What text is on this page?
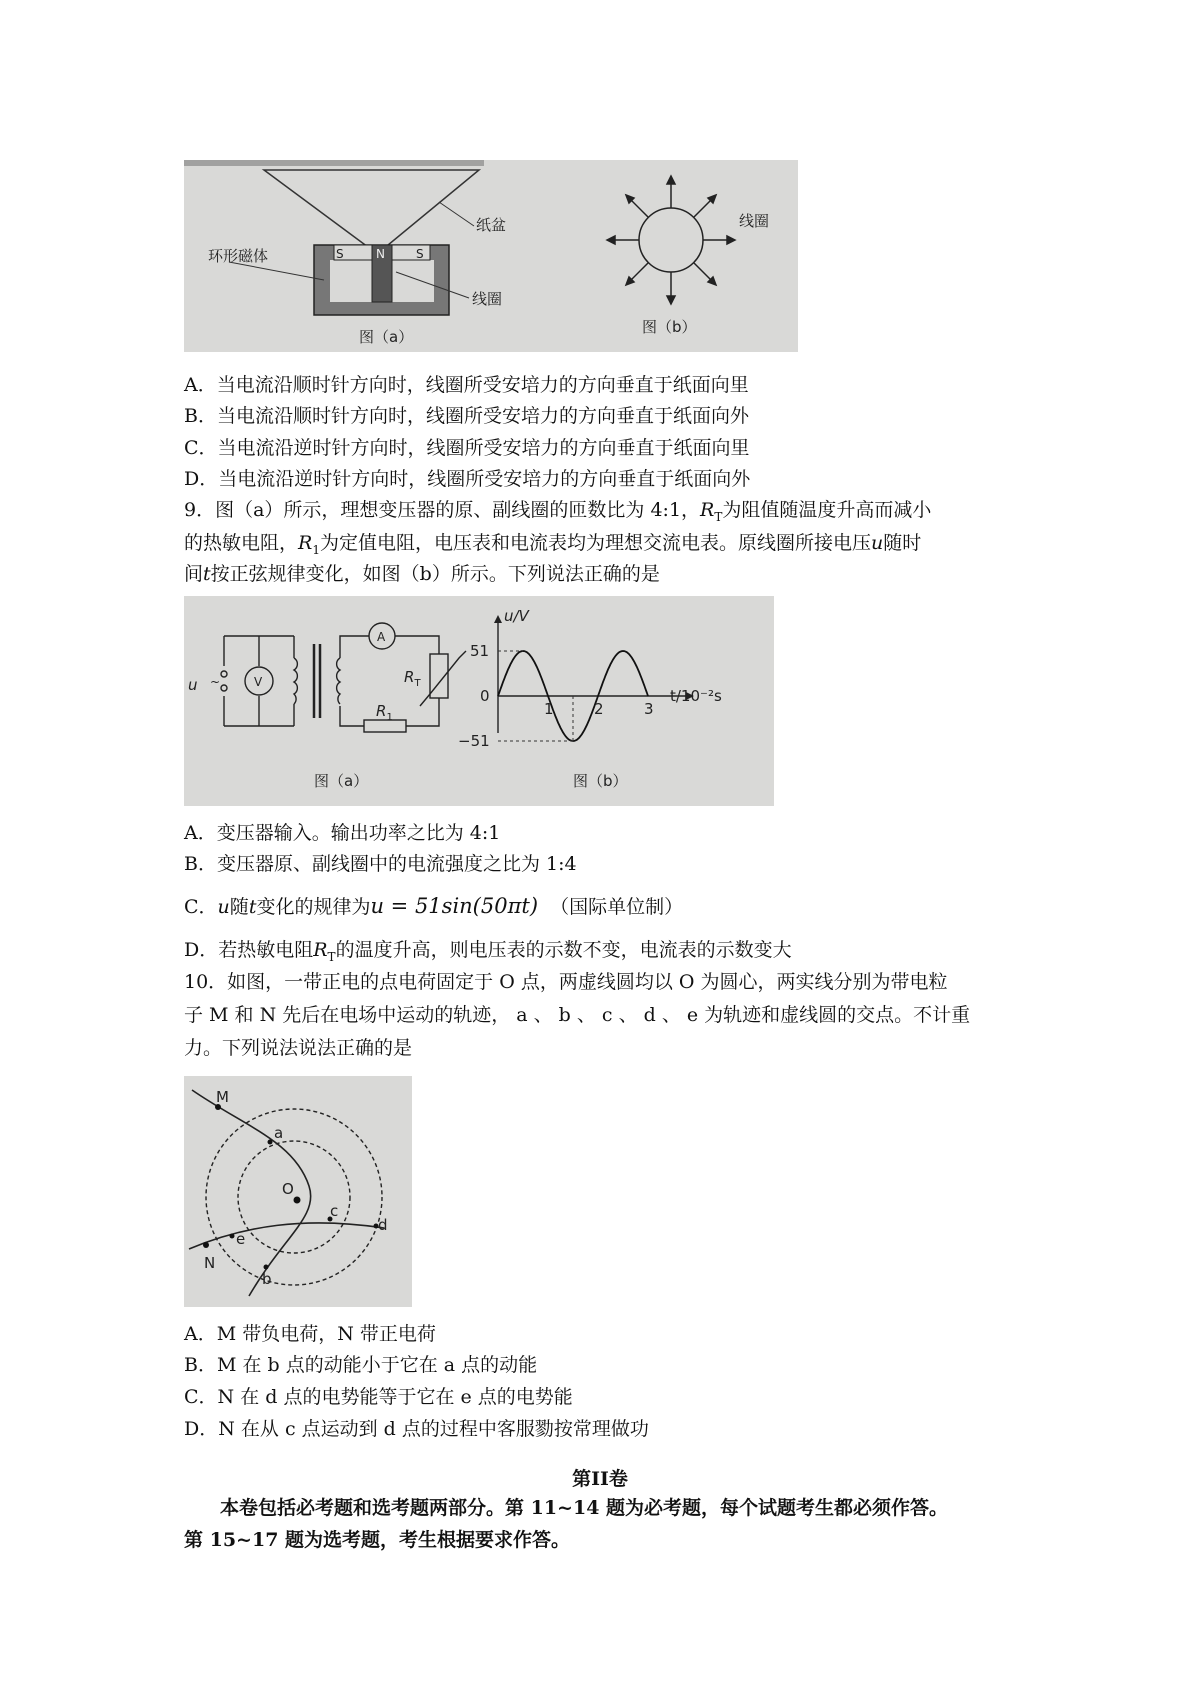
纸盆
S	S
N
环形磁体
线圈
图（a）
线圈
图（b）
A．当电流沿顺时针方向时，线圈所受安培力的方向垂直于纸面向里
B．当电流沿顺时针方向时，线圈所受安培力的方向垂直于纸面向外
C．当电流沿逆时针方向时，线圈所受安培力的方向垂直于纸面向里
D．当电流沿逆时针方向时，线圈所受安培力的方向垂直于纸面向外
9．图（a）所示，理想变压器的原、副线圈的匝数比为 4:1，$R_T$为阻值随温度升高而减小
的热敏电阻，$R_1$为定值电阻，电压表和电流表均为理想交流电表。原线圈所接电压u随时
间t按正弦规律变化，如图（b）所示。下列说法正确的是
u ~	V
A
$R_T$
$R_1$
图（a）
51
0
−51
1	2	3
u/V
t/10⁻²s
图（b）
A．变压器输入。输出功率之比为 4:1
B．变压器原、副线圈中的电流强度之比为 1:4
C．u随t变化的规律为u = 51sin(50πt) （国际单位制）
D．若热敏电阻$R_T$的温度升高，则电压表的示数不变，电流表的示数变大
10．如图，一带正电的点电荷固定于 O 点，两虚线圆均以 O 为圆心，两实线分别为带电粒
子 M 和 N 先后在电场中运动的轨迹， a 、 b 、 c 、 d 、 e 为轨迹和虚线圆的交点。不计重
力。下列说法说法正确的是
M
N
O
a
b
c
d
e
A．M 带负电荷，N 带正电荷
B．M 在 b 点的动能小于它在 a 点的动能
C．N 在 d 点的电势能等于它在 e 点的电势能
D．N 在从 c 点运动到 d 点的过程中客服勠按常理做功
第II卷
本卷包括必考题和选考题两部分。第 11~14 题为必考题，每个试题考生都必须作答。
第 15~17 题为选考题，考生根据要求作答。
